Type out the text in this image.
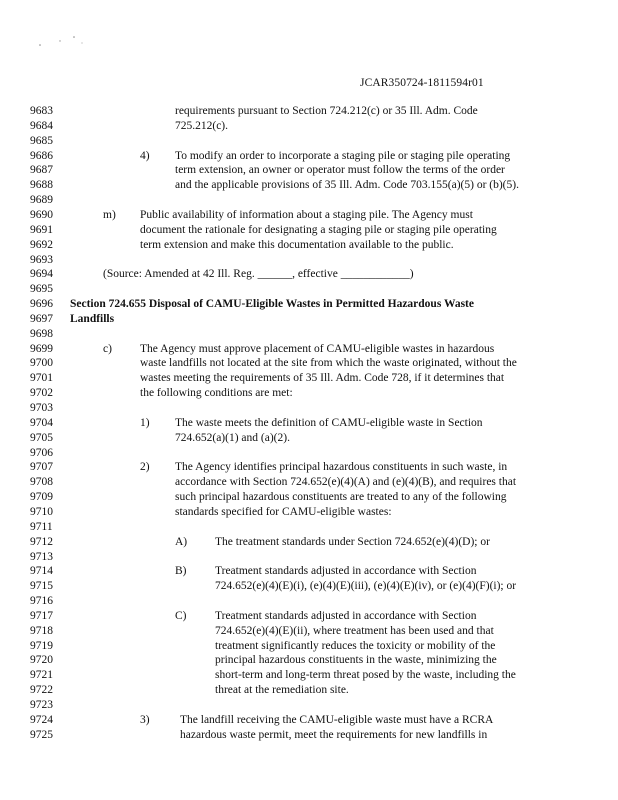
JCAR350724-1811594r01
9683	requirements pursuant to Section 724.212(c) or 35 Ill. Adm. Code
9684	725.212(c).
9685
9686	4) To modify an order to incorporate a staging pile or staging pile operating
9687	term extension, an owner or operator must follow the terms of the order
9688	and the applicable provisions of 35 Ill. Adm. Code 703.155(a)(5) or (b)(5).
9689
9690	m) Public availability of information about a staging pile. The Agency must
9691	document the rationale for designating a staging pile or staging pile operating
9692	term extension and make this documentation available to the public.
9693
9694	(Source: Amended at 42 Ill. Reg. ______, effective ____________)
9695
9696	Section 724.655 Disposal of CAMU-Eligible Wastes in Permitted Hazardous Waste
9697	Landfills
9698
9699	c) The Agency must approve placement of CAMU-eligible wastes in hazardous
9700	waste landfills not located at the site from which the waste originated, without the
9701	wastes meeting the requirements of 35 Ill. Adm. Code 728, if it determines that
9702	the following conditions are met:
9703
9704	1) The waste meets the definition of CAMU-eligible waste in Section
9705	724.652(a)(1) and (a)(2).
9706
9707	2) The Agency identifies principal hazardous constituents in such waste, in
9708	accordance with Section 724.652(e)(4)(A) and (e)(4)(B), and requires that
9709	such principal hazardous constituents are treated to any of the following
9710	standards specified for CAMU-eligible wastes:
9711
9712	A) The treatment standards under Section 724.652(e)(4)(D); or
9713
9714	B) Treatment standards adjusted in accordance with Section
9715	724.652(e)(4)(E)(i), (e)(4)(E)(iii), (e)(4)(E)(iv), or (e)(4)(F)(i); or
9716
9717	C) Treatment standards adjusted in accordance with Section
9718	724.652(e)(4)(E)(ii), where treatment has been used and that
9719	treatment significantly reduces the toxicity or mobility of the
9720	principal hazardous constituents in the waste, minimizing the
9721	short-term and long-term threat posed by the waste, including the
9722	threat at the remediation site.
9723
9724	3)	The landfill receiving the CAMU-eligible waste must have a RCRA
9725	hazardous waste permit, meet the requirements for new landfills in
